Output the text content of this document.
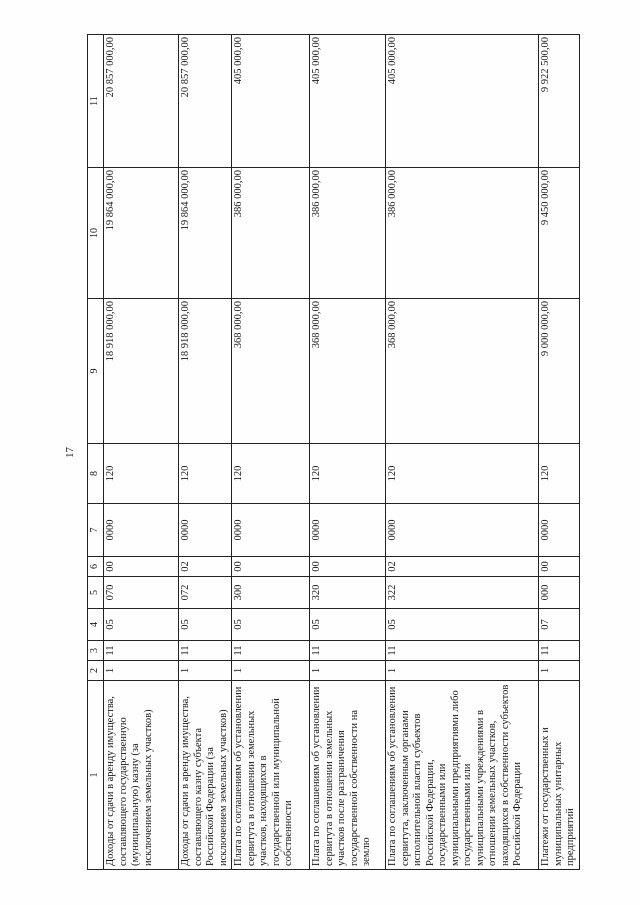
17
1	2	3	4	5	6	7	8	9	10	11
Доходы от сдачи в аренду имущества, составляющего государственную (муниципальную) казну (за исключением земельных участков)	1	11	05	070	00	0000	120	18 918 000,00	19 864 000,00	20 857 000,00
Доходы от сдачи в аренду имущества, составляющего казну субъекта Российской Федерации (за исключением земельных участков)	1	11	05	072	02	0000	120	18 918 000,00	19 864 000,00	20 857 000,00
Плата по соглашениям об установлении сервитута в отношении земельных участков, находящихся в государственной или муниципальной собственности	1	11	05	300	00	0000	120	368 000,00	386 000,00	405 000,00
Плата по соглашениям об установлении сервитута в отношении земельных участков после разграничения государственной собственности на землю	1	11	05	320	00	0000	120	368 000,00	386 000,00	405 000,00
Плата по соглашениям об установлении сервитута, заключенным органами исполнительной власти субъектов Российской Федерации, государственными или муниципальными предприятиями либо государственными или муниципальными учреждениями в отношении земельных участков, находящихся в собственности субъектов Российской Федерации	1	11	05	322	02	0000	120	368 000,00	386 000,00	405 000,00
Платежи от государственных и муниципальных унитарных предприятий	1	11	07	000	00	0000	120	9 000 000,00	9 450 000,00	9 922 500,00
